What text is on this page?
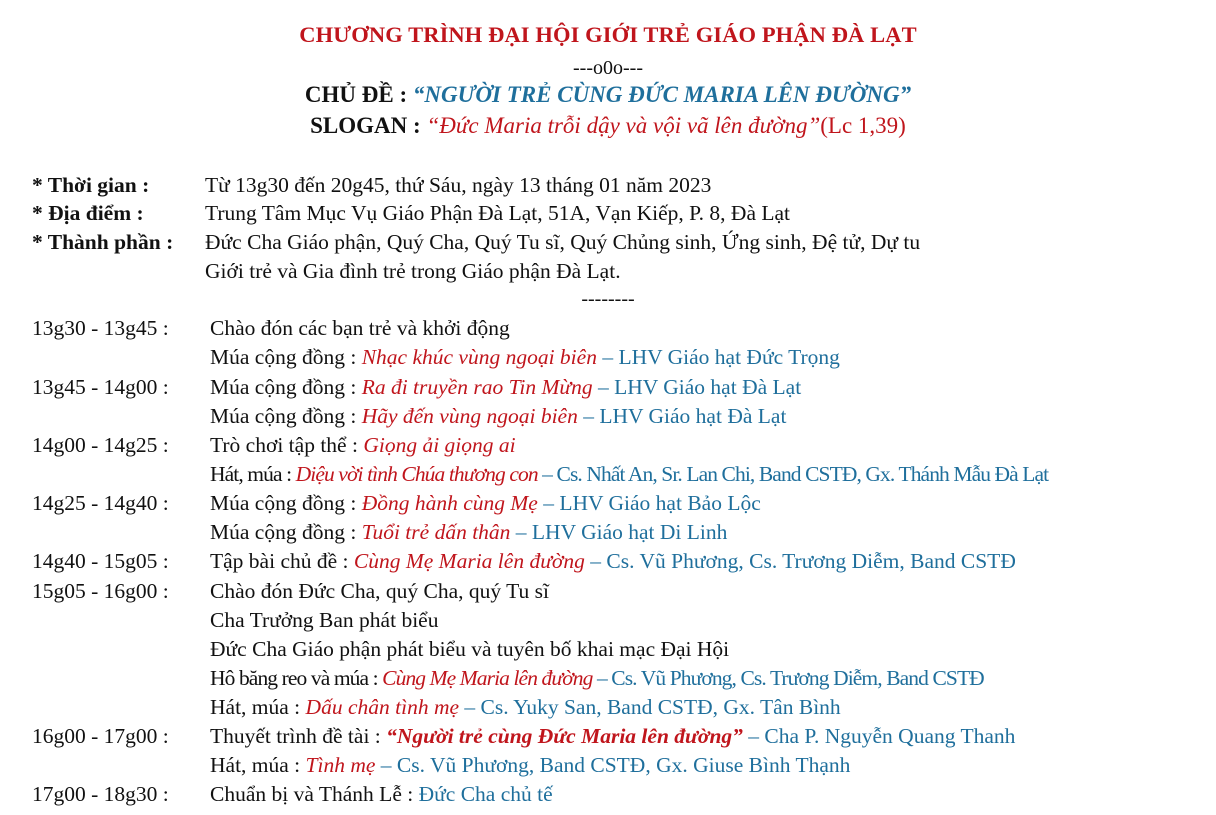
CHƯƠNG TRÌNH ĐẠI HỘI GIỚI TRẺ GIÁO PHẬN ĐÀ LẠT
---o0o---
CHỦ ĐỀ : “NGƯỜI TRẺ CÙNG ĐỨC MARIA LÊN ĐƯỜNG”
SLOGAN : “Đức Maria trỗi dậy và vội vã lên đường”(Lc 1,39)
* Thời gian :	Từ 13g30 đến 20g45, thứ Sáu, ngày 13 tháng 01 năm 2023
* Địa điểm :	Trung Tâm Mục Vụ Giáo Phận Đà Lạt, 51A, Vạn Kiếp, P. 8, Đà Lạt
* Thành phần : Đức Cha Giáo phận, Quý Cha, Quý Tu sĩ, Quý Chủng sinh, Ứng sinh, Đệ tử, Dự tu
Giới trẻ và Gia đình trẻ trong Giáo phận Đà Lạt.
--------
13g30 - 13g45 : Chào đón các bạn trẻ và khởi động
Múa cộng đồng : Nhạc khúc vùng ngoại biên – LHV Giáo hạt Đức Trọng
13g45 - 14g00 : Múa cộng đồng : Ra đi truyền rao Tin Mừng – LHV Giáo hạt Đà Lạt
Múa cộng đồng : Hãy đến vùng ngoại biên – LHV Giáo hạt Đà Lạt
14g00 - 14g25 : Trò chơi tập thể : Giọng ải giọng ai
Hát, múa : Diệu vời tình Chúa thương con – Cs. Nhất An, Sr. Lan Chi, Band CSTĐ, Gx. Thánh Mẫu Đà Lạt
14g25 - 14g40 : Múa cộng đồng : Đồng hành cùng Mẹ – LHV Giáo hạt Bảo Lộc
Múa cộng đồng : Tuổi trẻ dấn thân – LHV Giáo hạt Di Linh
14g40 - 15g05 : Tập bài chủ đề : Cùng Mẹ Maria lên đường – Cs. Vũ Phương, Cs. Trương Diễm, Band CSTĐ
15g05 - 16g00 : Chào đón Đức Cha, quý Cha, quý Tu sĩ
Cha Trưởng Ban phát biểu
Đức Cha Giáo phận phát biểu và tuyên bố khai mạc Đại Hội
Hô băng reo và múa : Cùng Mẹ Maria lên đường – Cs. Vũ Phương, Cs. Trương Diễm, Band CSTĐ
Hát, múa : Dấu chân tình mẹ – Cs. Yuky San, Band CSTĐ, Gx. Tân Bình
16g00 - 17g00 : Thuyết trình đề tài : “Người trẻ cùng Đức Maria lên đường” – Cha P. Nguyễn Quang Thanh
Hát, múa : Tình mẹ – Cs. Vũ Phương, Band CSTĐ, Gx. Giuse Bình Thạnh
17g00 - 18g30 : Chuẩn bị và Thánh Lễ : Đức Cha chủ tế
